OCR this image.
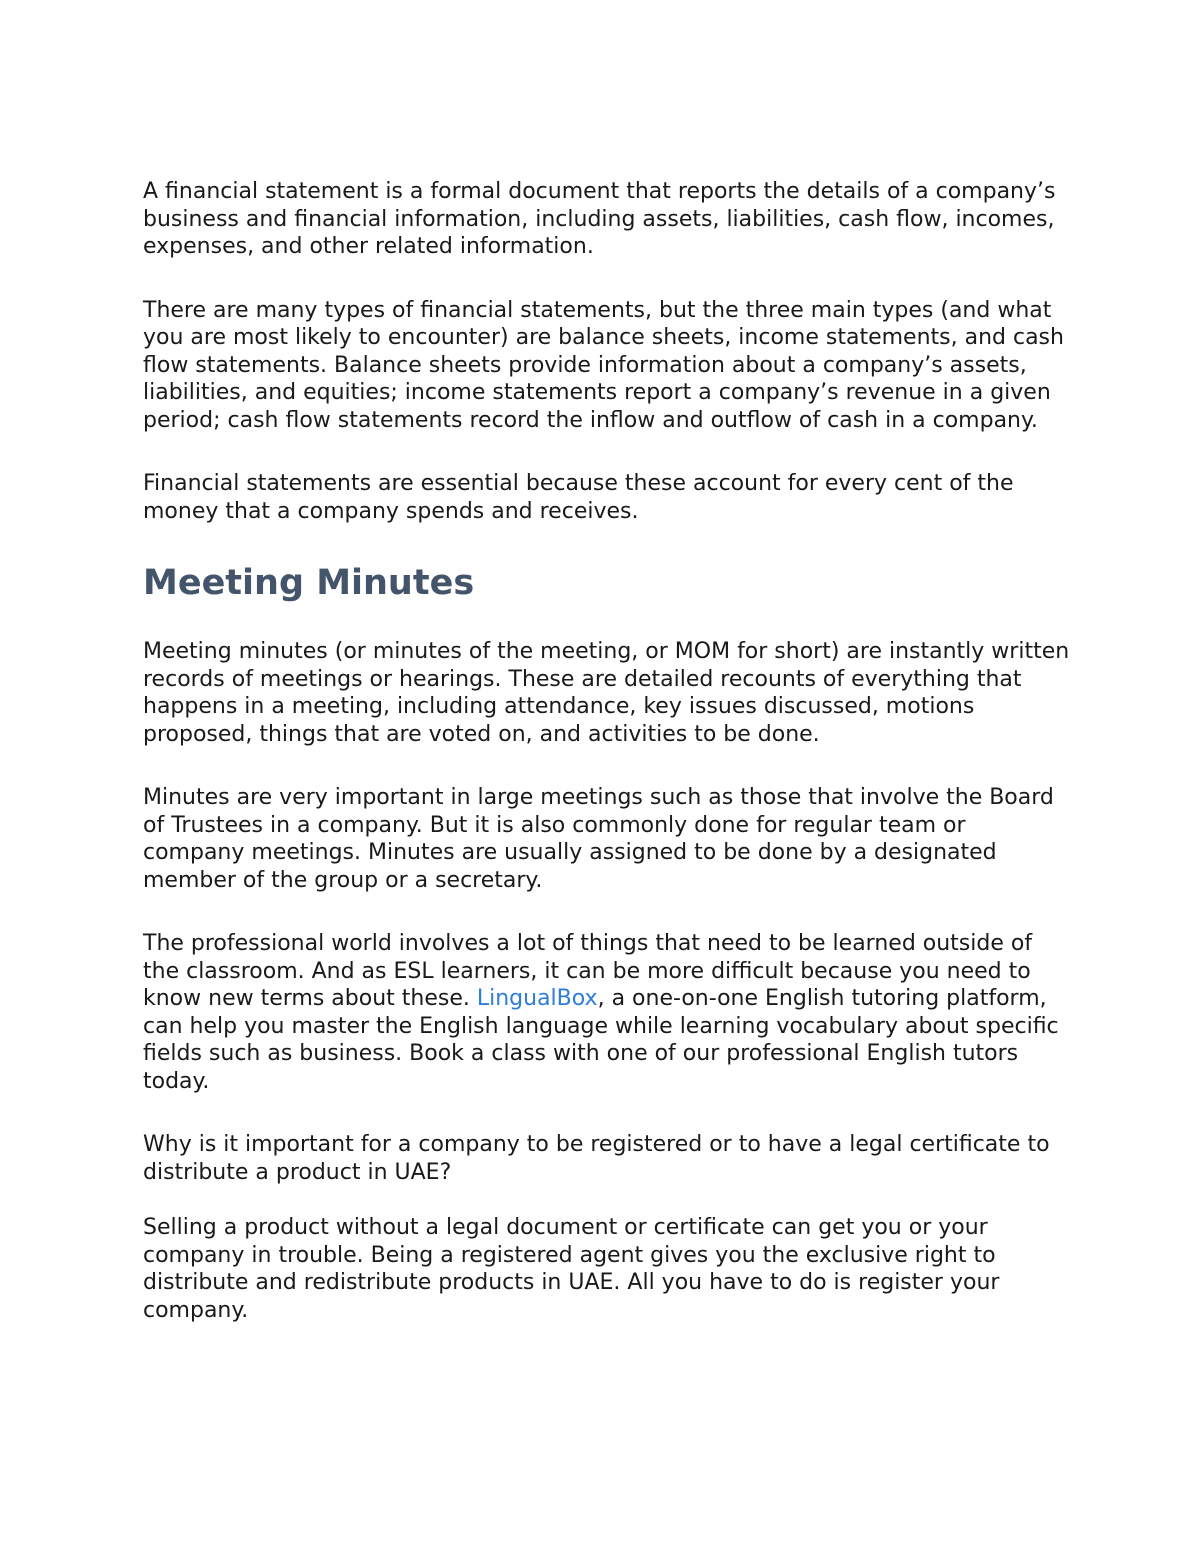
A financial statement is a formal document that reports the details of a company’s business and financial information, including assets, liabilities, cash flow, incomes, expenses, and other related information.

There are many types of financial statements, but the three main types (and what you are most likely to encounter) are balance sheets, income statements, and cash flow statements. Balance sheets provide information about a company’s assets, liabilities, and equities; income statements report a company’s revenue in a given period; cash flow statements record the inflow and outflow of cash in a company.

Financial statements are essential because these account for every cent of the money that a company spends and receives.

Meeting Minutes

Meeting minutes (or minutes of the meeting, or MOM for short) are instantly written records of meetings or hearings. These are detailed recounts of everything that happens in a meeting, including attendance, key issues discussed, motions proposed, things that are voted on, and activities to be done.

Minutes are very important in large meetings such as those that involve the Board of Trustees in a company. But it is also commonly done for regular team or company meetings. Minutes are usually assigned to be done by a designated member of the group or a secretary.

The professional world involves a lot of things that need to be learned outside of the classroom. And as ESL learners, it can be more difficult because you need to know new terms about these. LingualBox, a one-on-one English tutoring platform, can help you master the English language while learning vocabulary about specific fields such as business. Book a class with one of our professional English tutors today.

Why is it important for a company to be registered or to have a legal certificate to distribute a product in UAE?

Selling a product without a legal document or certificate can get you or your company in trouble. Being a registered agent gives you the exclusive right to distribute and redistribute products in UAE. All you have to do is register your company.
